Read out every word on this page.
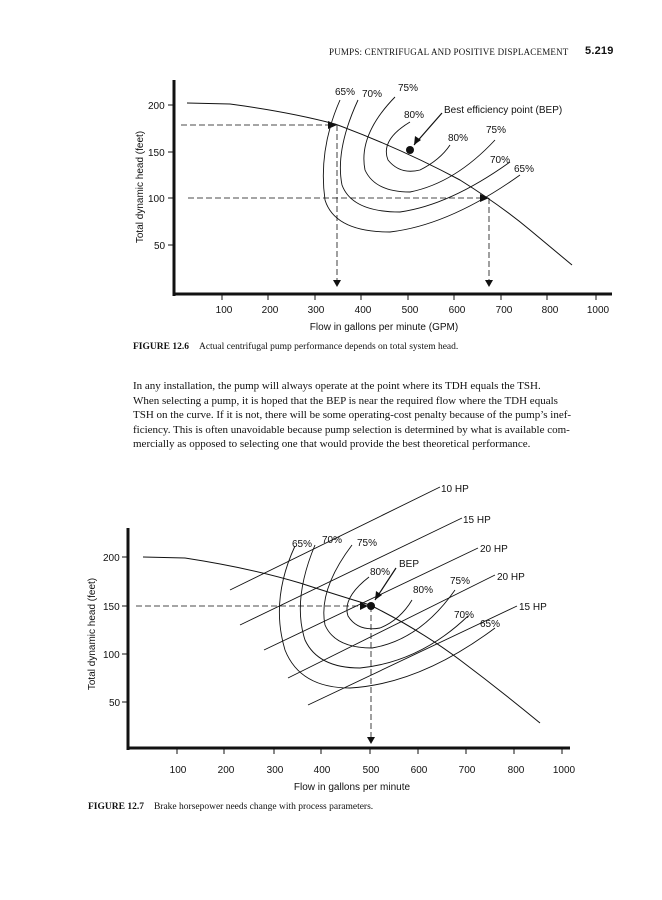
PUMPS: CENTRIFUGAL AND POSITIVE DISPLACEMENT 5.219
200
150
100
50
Total dynamic head (feet)
100	200	300	400	500	600	700	800	1000
Flow in gallons per minute (GPM)
Best efficiency point (BEP)
65% 70%
75%
80%
80%
75%
70%
65%
200
150
100
50
Total dynamic head (feet)
100	200	300	400	500	600	700	800	1000
Flow in gallons per minute
BEP
65% 70% 75%
80%
80%
75%
70%
65%
10 HP
15 HP
20 HP
20 HP
15 HP
FIGURE 12.6 Actual centrifugal pump performance depends on total system head.
In any installation, the pump will always operate at the point where its TDH equals the TSH.
When selecting a pump, it is hoped that the BEP is near the required flow where the TDH equals
TSH on the curve. If it is not, there will be some operating-cost penalty because of the pump’s inef-
ficiency. This is often unavoidable because pump selection is determined by what is available com-
mercially as opposed to selecting one that would provide the best theoretical performance.
FIGURE 12.7 Brake horsepower needs change with process parameters.
